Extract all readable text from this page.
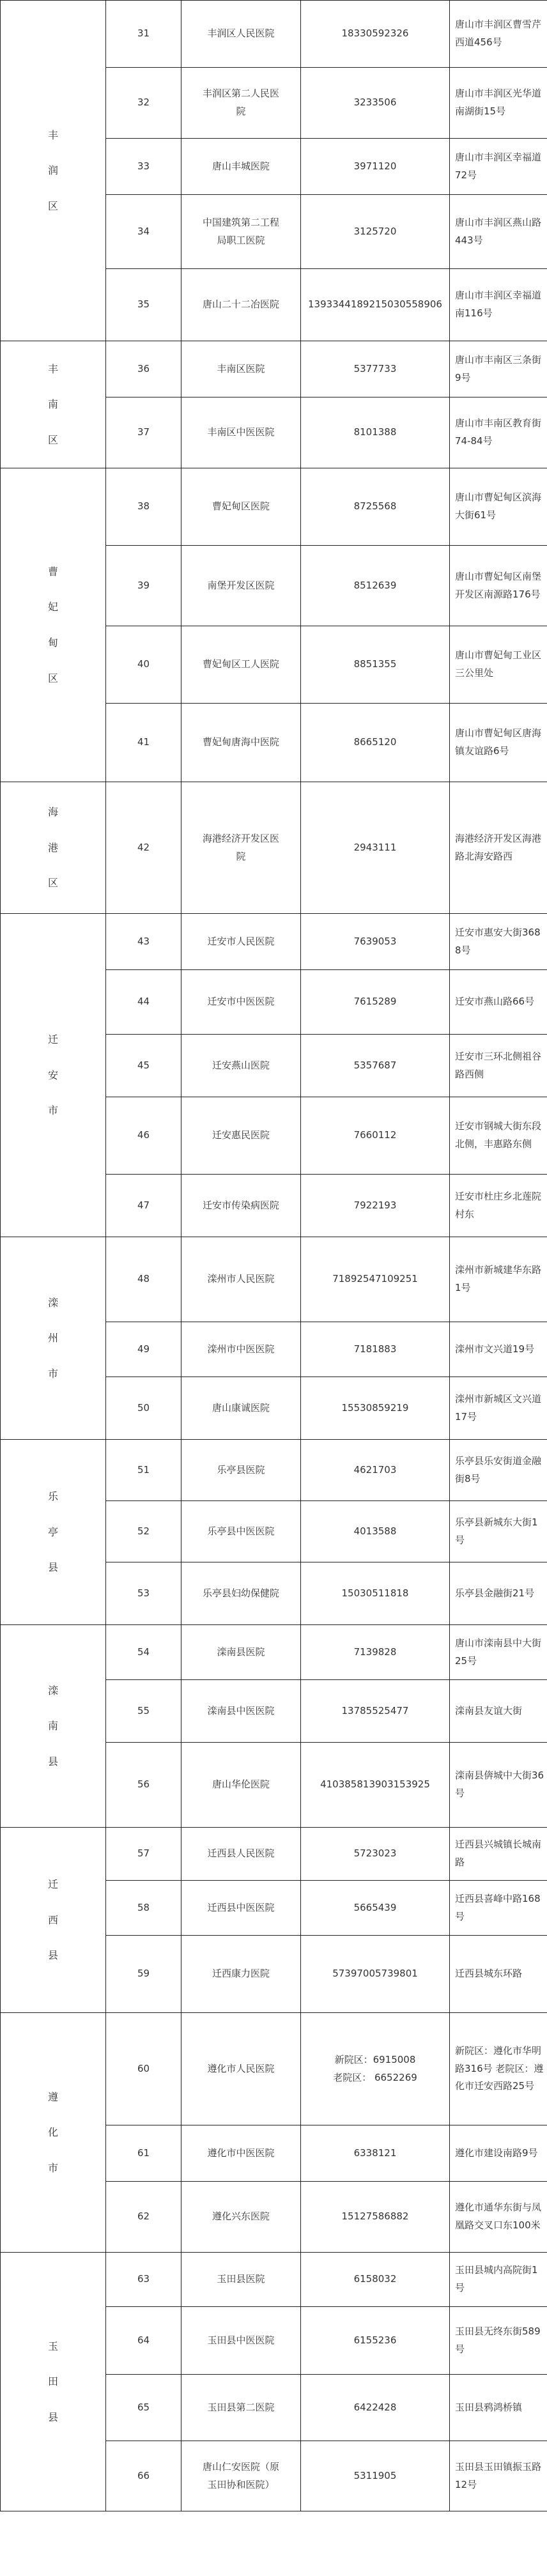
丰
润
区	31	丰润区人民医院	18330592326	唐山市丰润区曹雪芹西道456号
	32	丰润区第二人民医院	3233506	唐山市丰润区光华道南湖街15号
	33	唐山丰城医院	3971120	唐山市丰润区幸福道72号
	34	中国建筑第二工程局职工医院	3125720	唐山市丰润区燕山路443号
	35	唐山二十二冶医院	1393344189215030558906	唐山市丰润区幸福道南116号

丰
南
区	36	丰南区医院	5377733	唐山市丰南区三条街9号
	37	丰南区中医医院	8101388	唐山市丰南区教育街74-84号

曹
妃
甸
区	38	曹妃甸区医院	8725568	唐山市曹妃甸区滨海大街61号
	39	南堡开发区医院	8512639	唐山市曹妃甸区南堡开发区南源路176号
	40	曹妃甸区工人医院	8851355	唐山市曹妃甸工业区三公里处
	41	曹妃甸唐海中医院	8665120	唐山市曹妃甸区唐海镇友谊路6号

海
港
区	42	海港经济开发区医院	2943111	海港经济开发区海港路北海安路西

迁
安
市	43	迁安市人民医院	7639053	迁安市惠安大街3688号
	44	迁安市中医医院	7615289	迁安市燕山路66号
	45	迁安燕山医院	5357687	迁安市三环北侧祖谷路西侧
	46	迁安惠民医院	7660112	迁安市钢城大街东段北侧，丰惠路东侧
	47	迁安市传染病医院	7922193	迁安市杜庄乡北莲院村东

滦
州
市	48	滦州市人民医院	71892547109251	滦州市新城建华东路1号
	49	滦州市中医医院	7181883	滦州市文兴道19号
	50	唐山康诚医院	15530859219	滦州市新城区文兴道17号

乐
亭
县	51	乐亭县医院	4621703	乐亭县乐安街道金融街8号
	52	乐亭县中医医院	4013588	乐亭县新城东大街1号
	53	乐亭县妇幼保健院	15030511818	乐亭县金融街21号

滦
南
县	54	滦南县医院	7139828	唐山市滦南县中大街25号
	55	滦南县中医医院	13785525477	滦南县友谊大街
	56	唐山华伦医院	410385813903153925	滦南县倴城中大街36号

迁
西
县	57	迁西县人民医院	5723023	迁西县兴城镇长城南路
	58	迁西县中医医院	5665439	迁西县喜峰中路168号
	59	迁西康力医院	57397005739801	迁西县城东环路

遵
化
市	60	遵化市人民医院	新院区：6915008老院区： 6652269	新院区：遵化市华明路316号 老院区：遵化市迁安西路25号
	61	遵化市中医医院	6338121	遵化市建设南路9号
	62	遵化兴东医院	15127586882	遵化市通华东街与凤凰路交叉口东100米

玉
田
县	63	玉田县医院	6158032	玉田县城内高院街1号
	64	玉田县中医医院	6155236	玉田县无终东街589号
	65	玉田县第二医院	6422428	玉田县鸦鸿桥镇
	66	唐山仁安医院（原玉田协和医院）	5311905	玉田县玉田镇振玉路12号
